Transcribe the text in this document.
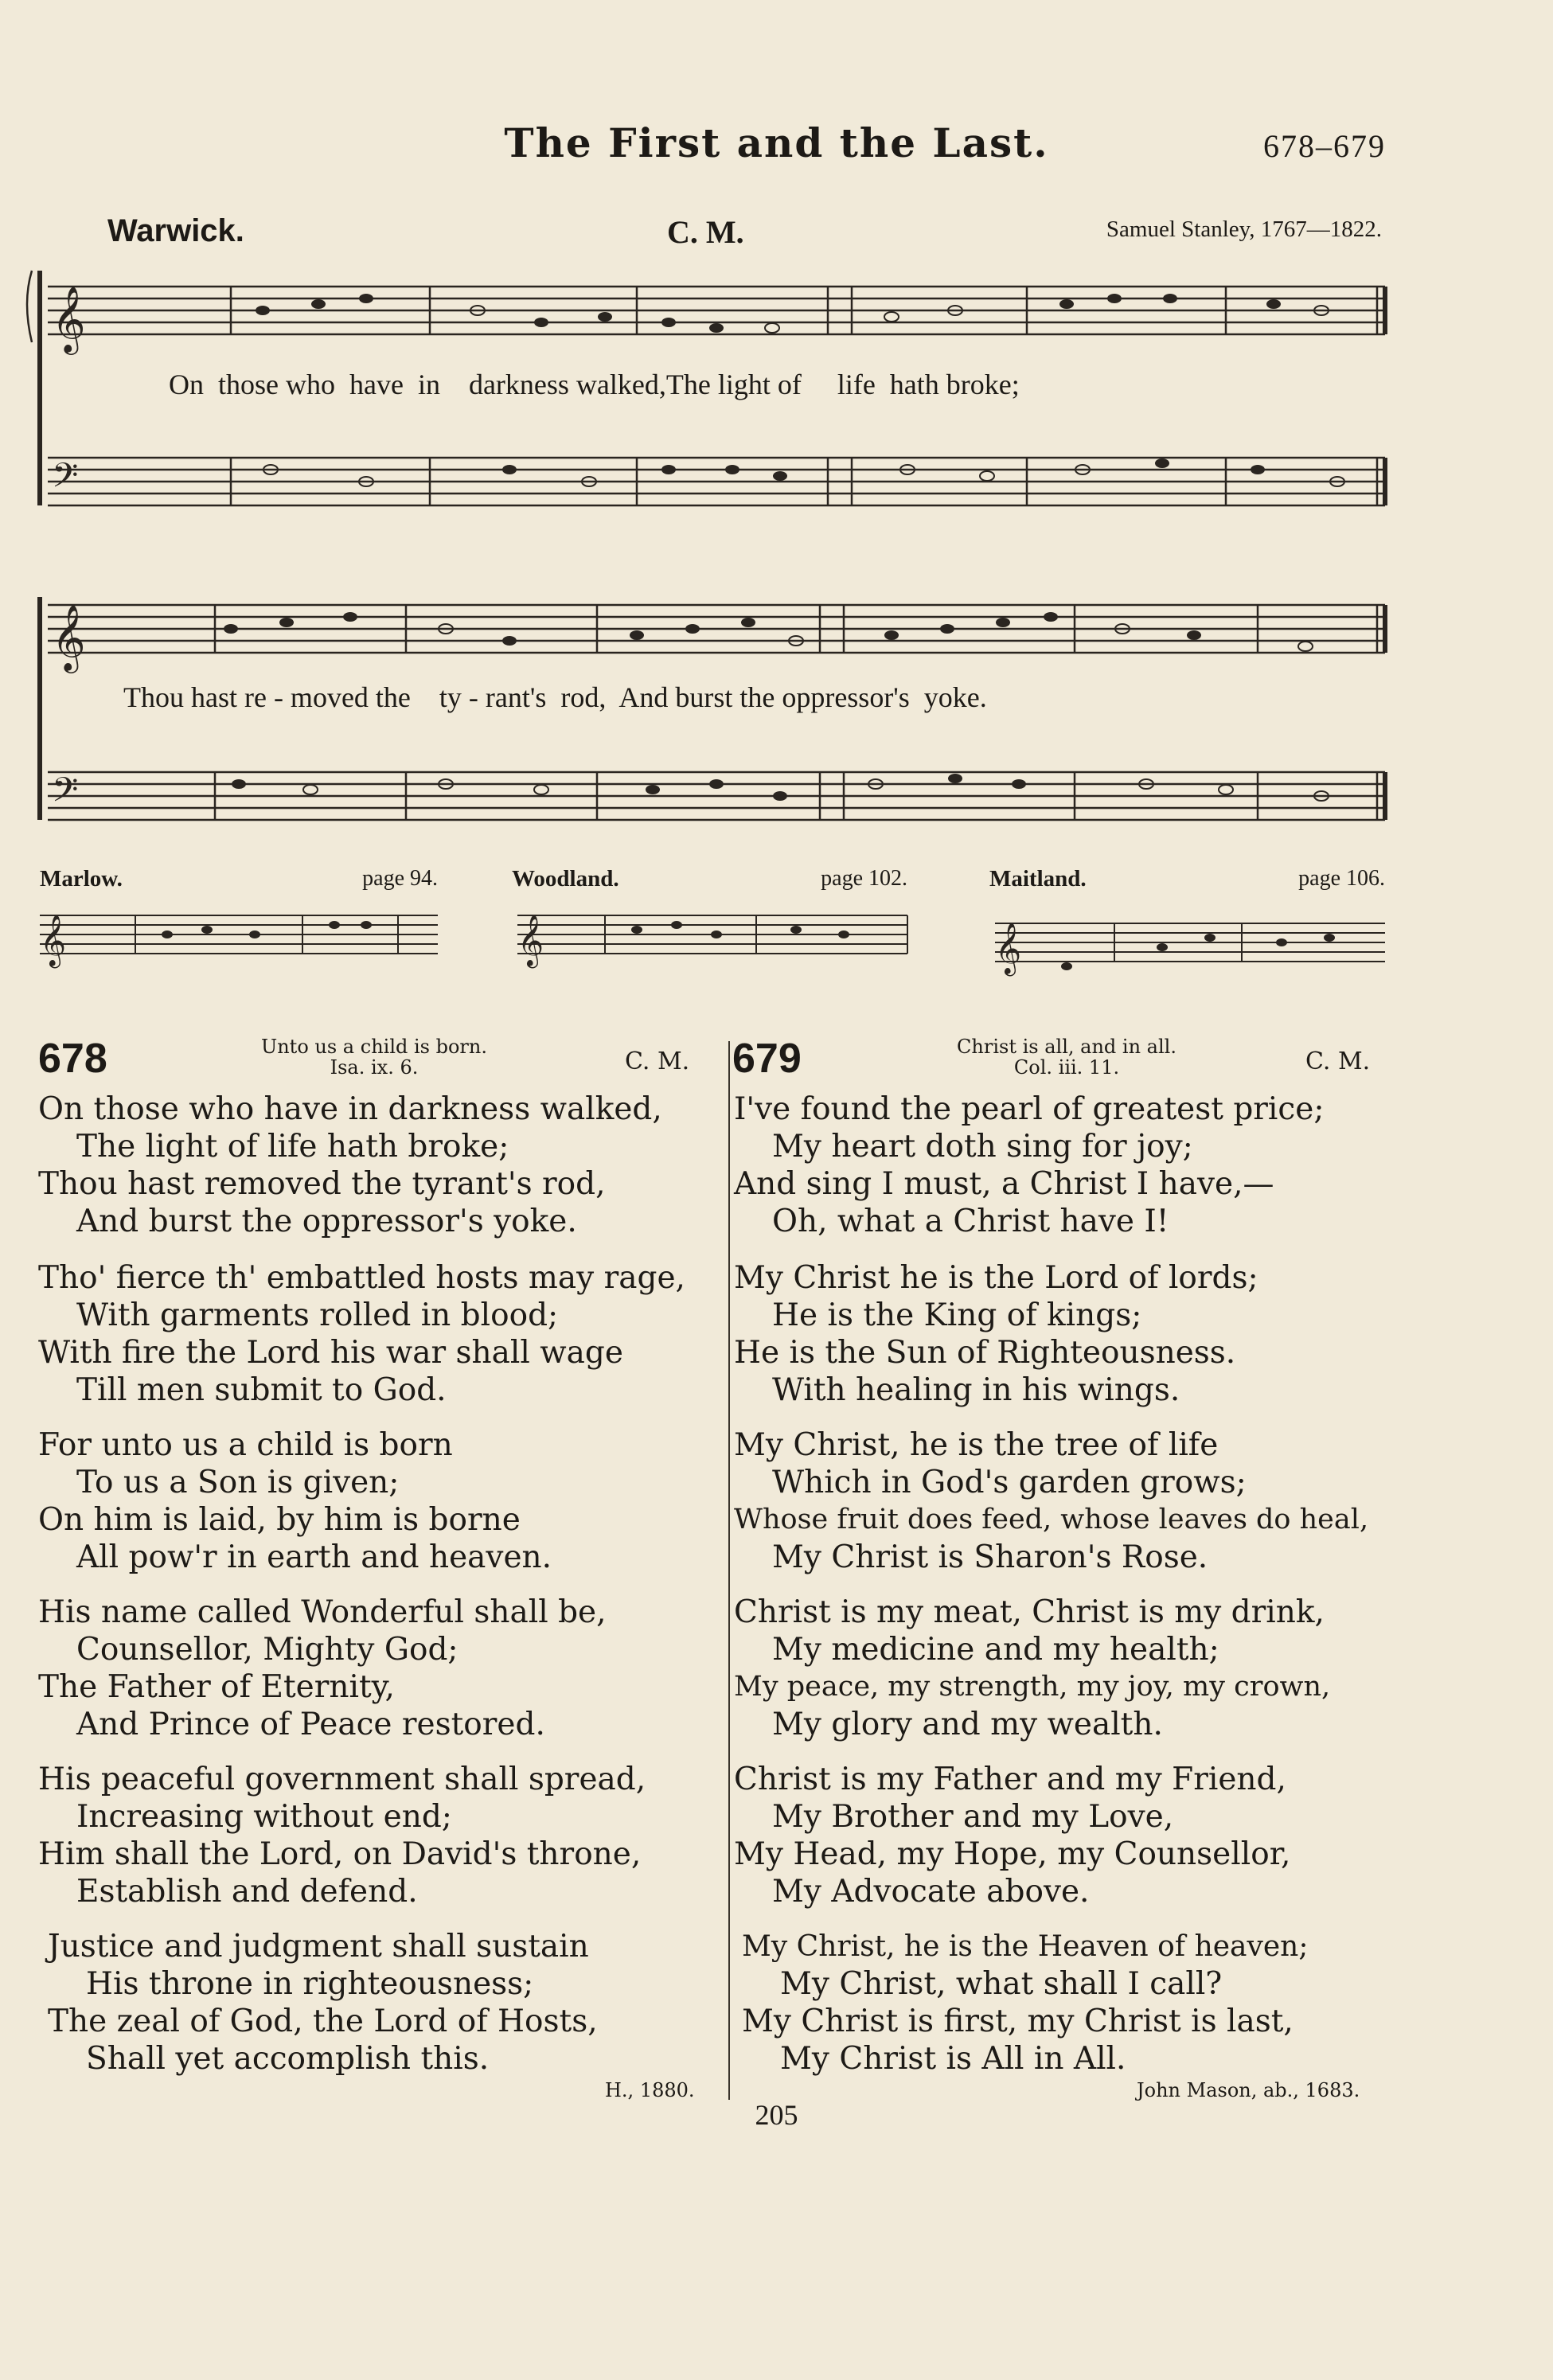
The First and the Last.	678–679
Warwick.	C. M.	Samuel Stanley, 1767—1822.
𝄞
𝄢
On  those who  have  in    darkness walked,The light of     life  hath broke;
𝄞
𝄢
Thou hast re - moved the    ty - rant's  rod,  And burst the oppressor's  yoke.
Marlow.	page 94.	Woodland.	page 102.	Maitland.	page 106.
𝄞	𝄞	𝄞
678	Unto us a child is born.
Isa. ix. 6.	C. M.
On those who have in darkness walked,
The light of life hath broke;
Thou hast removed the tyrant's rod,
And burst the oppressor's yoke.
Tho' fierce th' embattled hosts may rage,
With garments rolled in blood;
With fire the Lord his war shall wage
Till men submit to God.
For unto us a child is born
To us a Son is given;
On him is laid, by him is borne
All pow'r in earth and heaven.
His name called Wonderful shall be,
Counsellor, Mighty God;
The Father of Eternity,
And Prince of Peace restored.
His peaceful government shall spread,
Increasing without end;
Him shall the Lord, on David's throne,
Establish and defend.
Justice and judgment shall sustain
His throne in righteousness;
The zeal of God, the Lord of Hosts,
Shall yet accomplish this.
H., 1880.
679	Christ is all, and in all.
Col. iii. 11.	C. M.
I've found the pearl of greatest price;
My heart doth sing for joy;
And sing I must, a Christ I have,—
Oh, what a Christ have I!
My Christ he is the Lord of lords;
He is the King of kings;
He is the Sun of Righteousness.
With healing in his wings.
My Christ, he is the tree of life
Which in God's garden grows;
Whose fruit does feed, whose leaves do heal,
My Christ is Sharon's Rose.
Christ is my meat, Christ is my drink,
My medicine and my health;
My peace, my strength, my joy, my crown,
My glory and my wealth.
Christ is my Father and my Friend,
My Brother and my Love,
My Head, my Hope, my Counsellor,
My Advocate above.
My Christ, he is the Heaven of heaven;
My Christ, what shall I call?
My Christ is first, my Christ is last,
My Christ is All in All.
John Mason, ab., 1683.
205
